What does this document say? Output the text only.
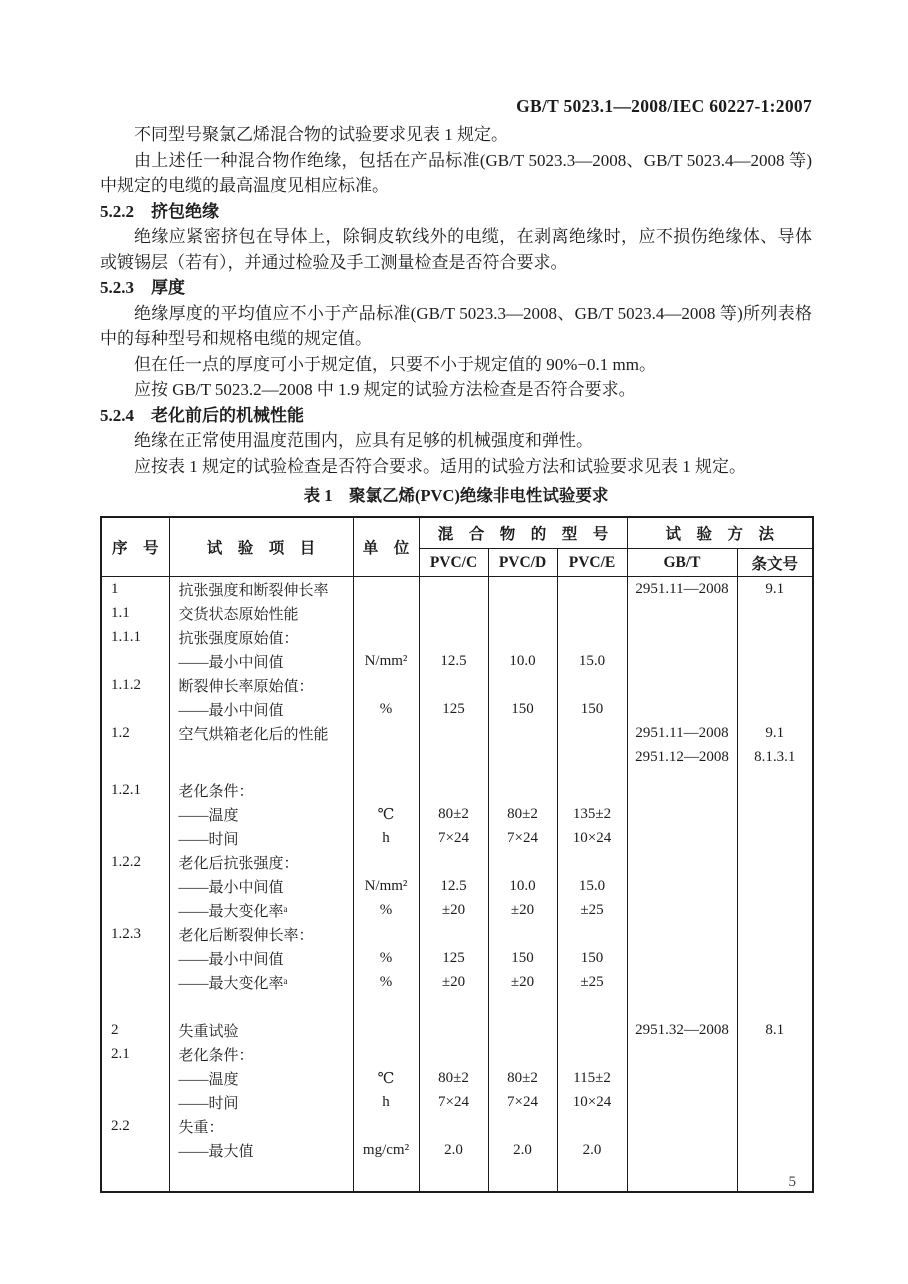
GB/T 5023.1—2008/IEC 60227-1:2007
不同型号聚氯乙烯混合物的试验要求见表 1 规定。
由上述任一种混合物作绝缘，包括在产品标准(GB/T 5023.3—2008、GB/T 5023.4—2008 等)中规定的电缆的最高温度见相应标准。
5.2.2　挤包绝缘
绝缘应紧密挤包在导体上，除铜皮软线外的电缆，在剥离绝缘时，应不损伤绝缘体、导体或镀锡层（若有），并通过检验及手工测量检查是否符合要求。
5.2.3　厚度
绝缘厚度的平均值应不小于产品标准(GB/T 5023.3—2008、GB/T 5023.4—2008 等)所列表格中的每种型号和规格电缆的规定值。
但在任一点的厚度可小于规定值，只要不小于规定值的 90%−0.1 mm。
应按 GB/T 5023.2—2008 中 1.9 规定的试验方法检查是否符合要求。
5.2.4　老化前后的机械性能
绝缘在正常使用温度范围内，应具有足够的机械强度和弹性。
应按表 1 规定的试验检查是否符合要求。适用的试验方法和试验要求见表 1 规定。
表 1　聚氯乙烯(PVC)绝缘非电性试验要求
序　号	试　验　项　目	单　位	混　合　物　的　型　号			试　验　方　法	
			PVC/C	PVC/D	PVC/E	GB/T	条文号
1	抗张强度和断裂伸长率					2951.11—2008	9.1
1.1	交货状态原始性能						
1.1.1	抗张强度原始值：						
	——最小中间值	N/mm²	12.5	10.0	15.0		
1.1.2	断裂伸长率原始值：						
	——最小中间值	%	125	150	150		
1.2	空气烘箱老化后的性能					2951.11—2008	9.1
						2951.12—2008	8.1.3.1

1.2.1	老化条件：						
	——温度	℃	80±2	80±2	135±2		
	——时间	h	7×24	7×24	10×24		
1.2.2	老化后抗张强度：						
	——最小中间值	N/mm²	12.5	10.0	15.0		
	——最大变化率ᵃ	%	±20	±20	±25		
1.2.3	老化后断裂伸长率：						
	——最小中间值	%	125	150	150		
	——最大变化率ᵃ	%	±20	±20	±25		

2	失重试验					2951.32—2008	8.1
2.1	老化条件：						
	——温度	℃	80±2	80±2	115±2		
	——时间	h	7×24	7×24	10×24		
2.2	失重：						
	——最大值	mg/cm²	2.0	2.0	2.0		

5
